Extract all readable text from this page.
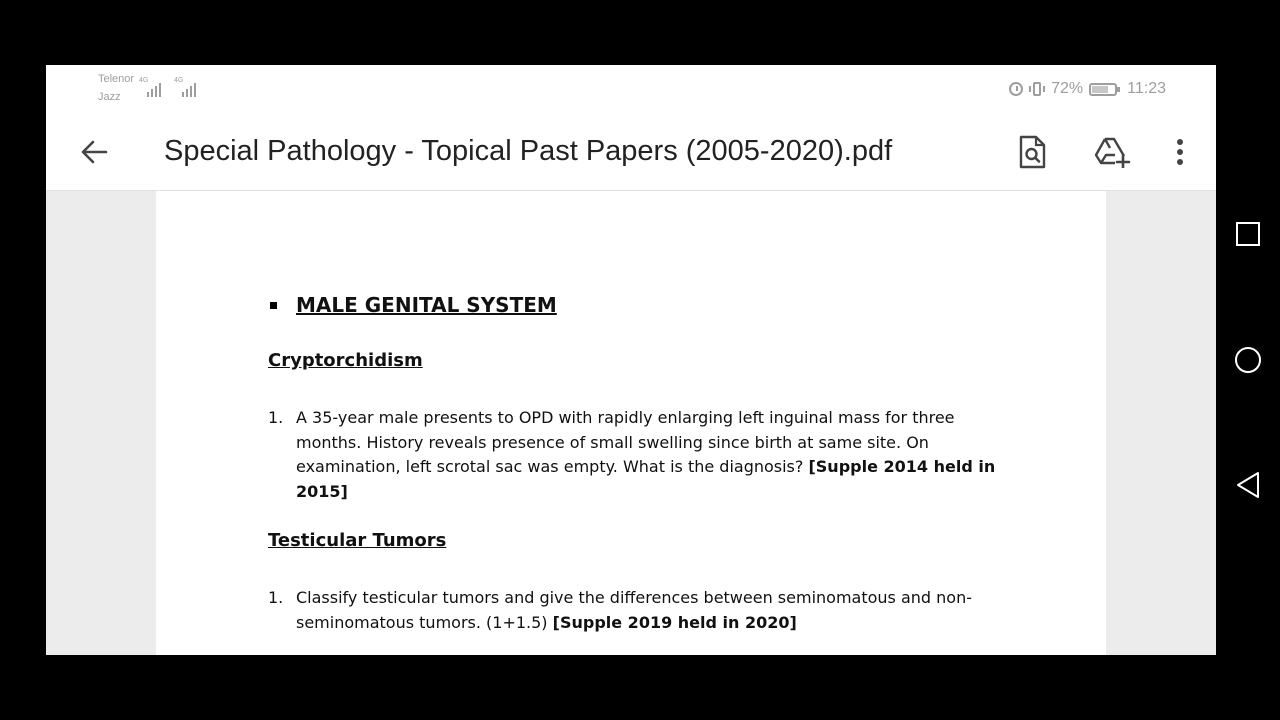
Telenor
Jazz
4G	4G	72%	11:23
Special Pathology - Topical Past Papers (2005-2020).pdf
MALE GENITAL SYSTEM
Cryptorchidism
1. A 35-year male presents to OPD with rapidly enlarging left inguinal mass for three months. History reveals presence of small swelling since birth at same site. On examination, left scrotal sac was empty. What is the diagnosis? [Supple 2014 held in 2015]
Testicular Tumors
1. Classify testicular tumors and give the differences between seminomatous and non-seminomatous tumors. (1+1.5) [Supple 2019 held in 2020]
